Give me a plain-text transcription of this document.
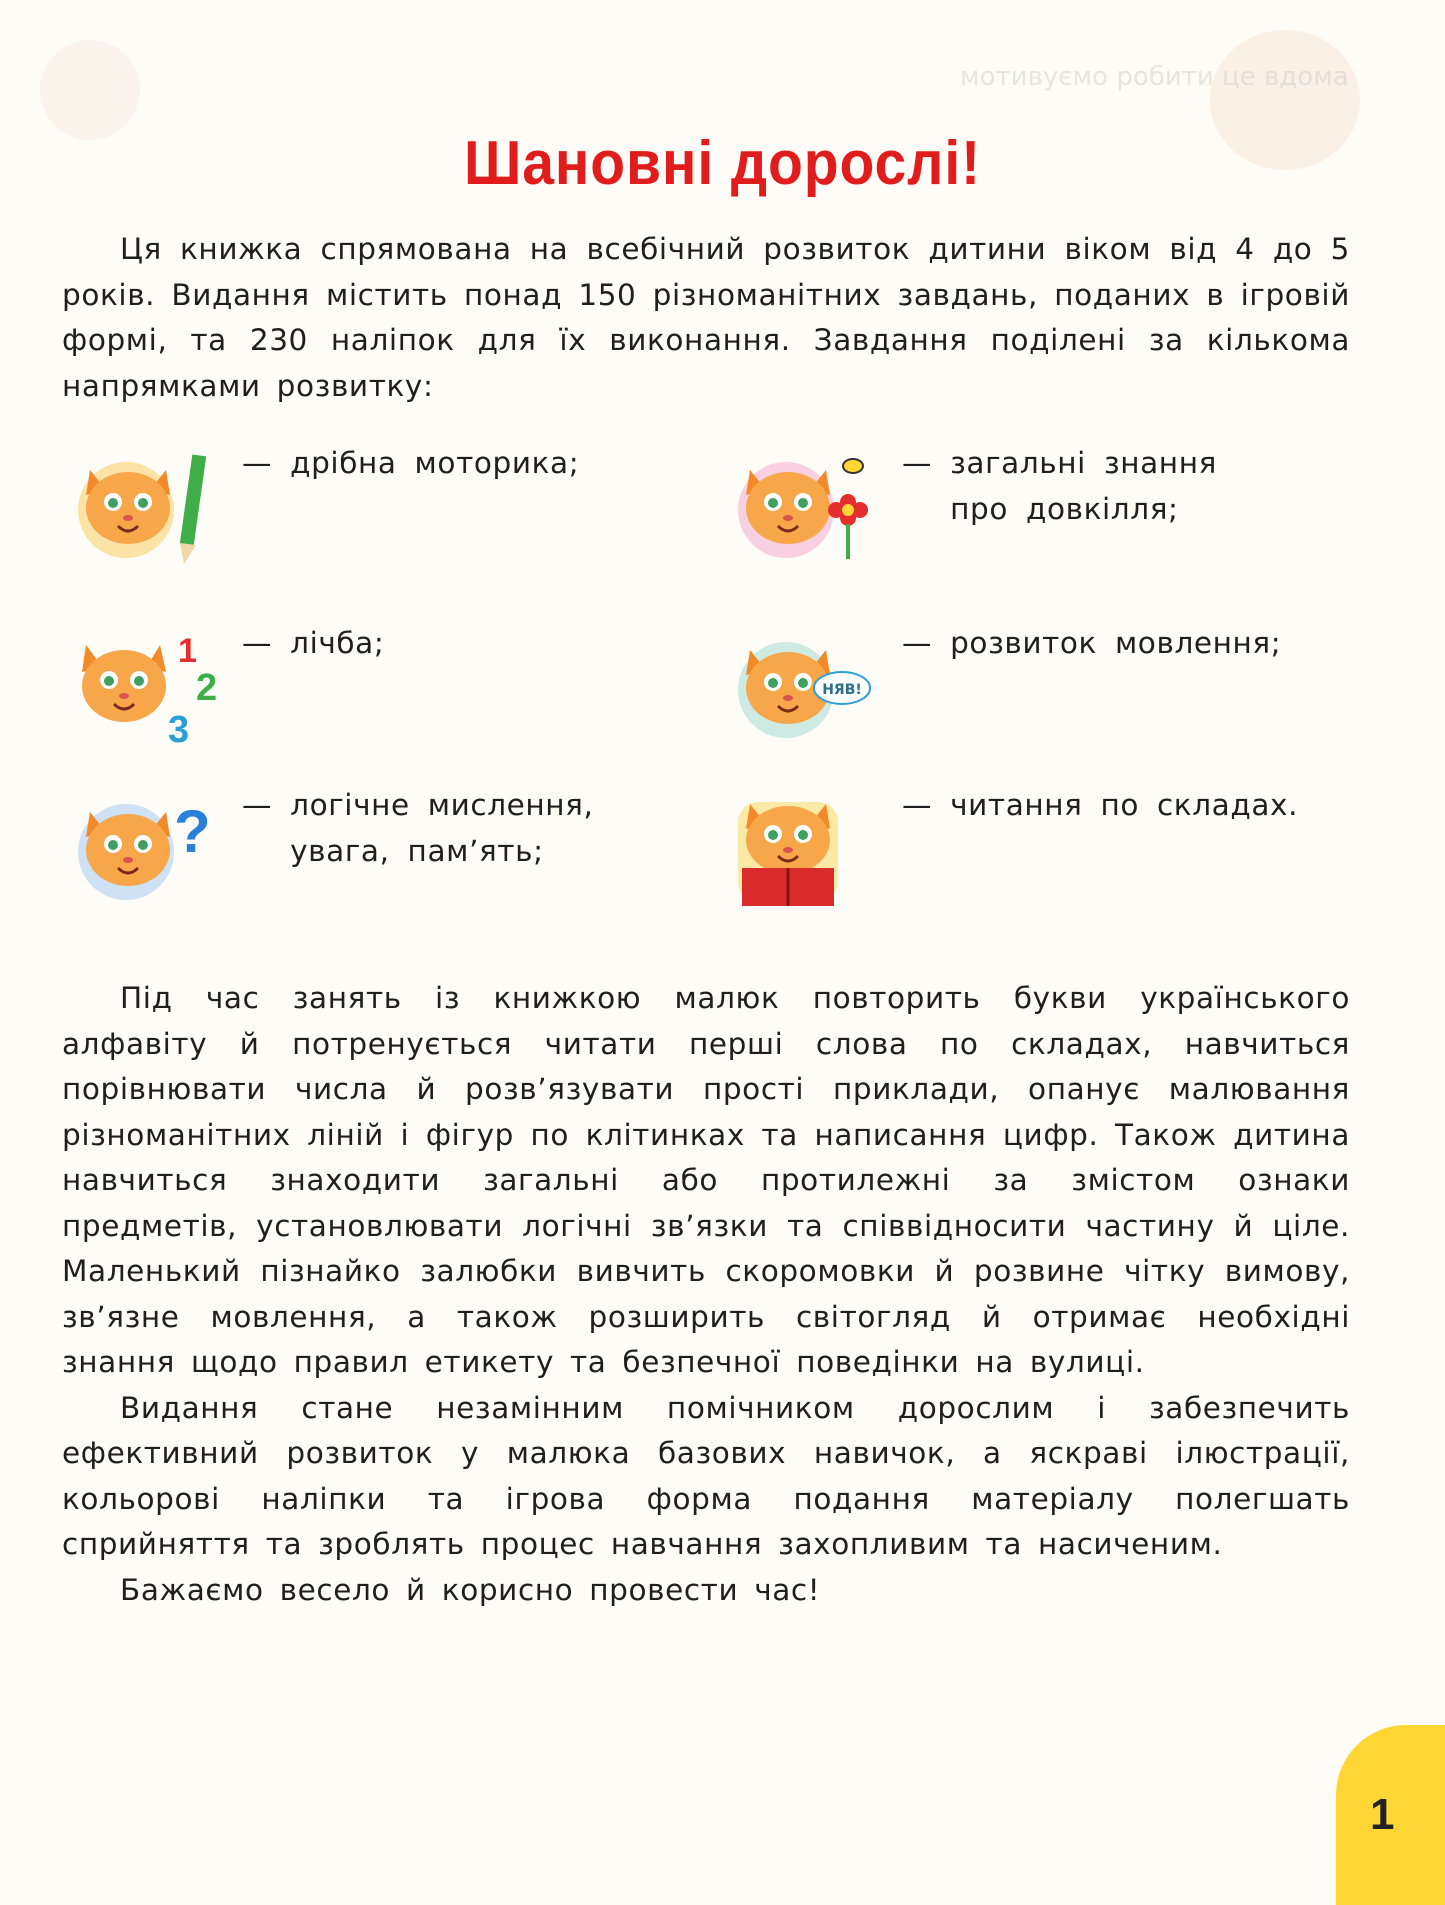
мотивуємо робити це вдома
Шановні дорослі!

Ця книжка спрямована на всебічний розвиток дитини віком від 4 до 5 років. Видання містить понад 150 різноманітних завдань, поданих в ігровій формі, та 230 наліпок для їх виконання. Завдання поділені за кількома напрямками розвитку:

— дрібна моторика;	— загальні знання
про довкілля;
1
2
3
— лічба;
НЯВ!
— розвиток мовлення;
? — логічне мислення,
увага, пам’ять;
— читання по складах.

Під час занять із книжкою малюк повторить букви українського алфавіту й потренується читати перші слова по складах, навчиться порівнювати числа й розв’язувати прості приклади, опанує малювання різноманітних ліній і фігур по клітинках та написання цифр. Також дитина навчиться знаходити загальні або протилежні за змістом ознаки предметів, установлювати логічні зв’язки та співвідносити частину й ціле. Маленький пізнайко залюбки вивчить скоромовки й розвине чітку вимову, зв’язне мовлення, а також розширить світогляд й отримає необхідні знання щодо правил етикету та безпечної поведінки на вулиці.

Видання стане незамінним помічником дорослим і забезпечить ефективний розвиток у малюка базових навичок, а яскраві ілюстрації, кольорові наліпки та ігрова форма подання матеріалу полегшать сприйняття та зроблять процес навчання захопливим та насиченим.

Бажаємо весело й корисно провести час!

1
